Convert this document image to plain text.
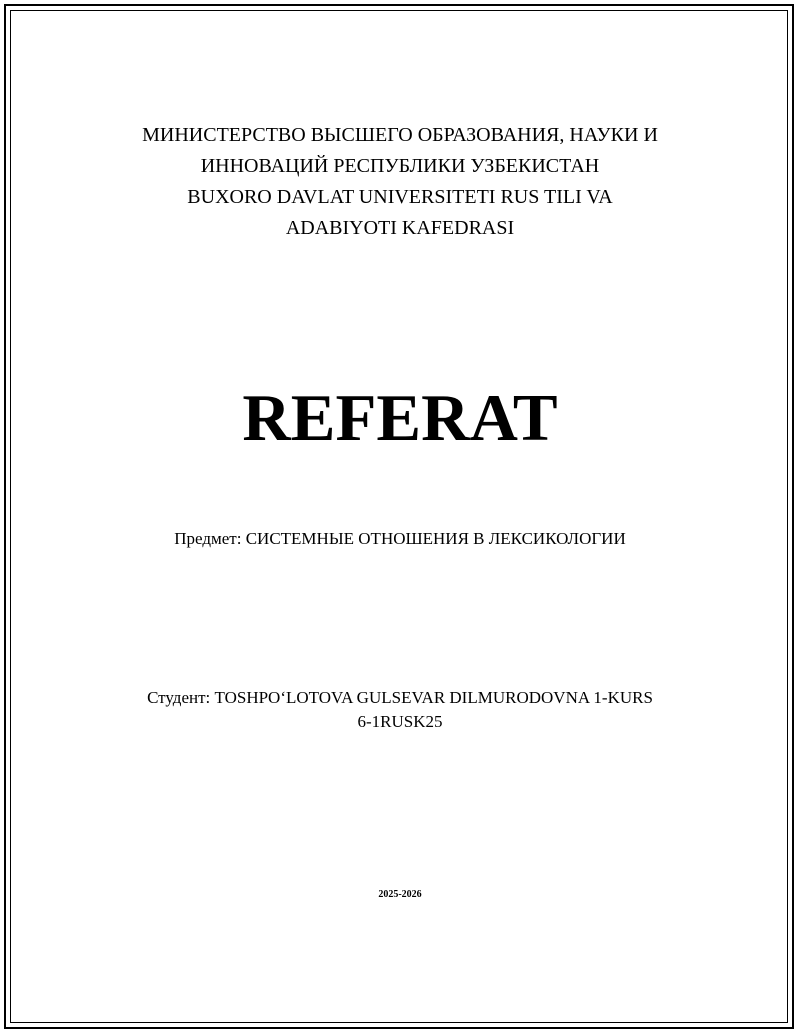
МИНИСТЕРСТВО ВЫСШЕГО ОБРАЗОВАНИЯ, НАУКИ И
ИННОВАЦИЙ РЕСПУБЛИКИ УЗБЕКИСТАН
BUXORO DAVLAT UNIVERSITETI RUS TILI VA
ADABIYOTI KAFEDRASI
REFERAT
Предмет: СИСТЕМНЫЕ ОТНОШЕНИЯ В ЛЕКСИКОЛОГИИ
Студент: TOSHPO‘LOTOVA GULSEVAR DILMURODOVNA 1-KURS
6-1RUSK25
2025-2026
